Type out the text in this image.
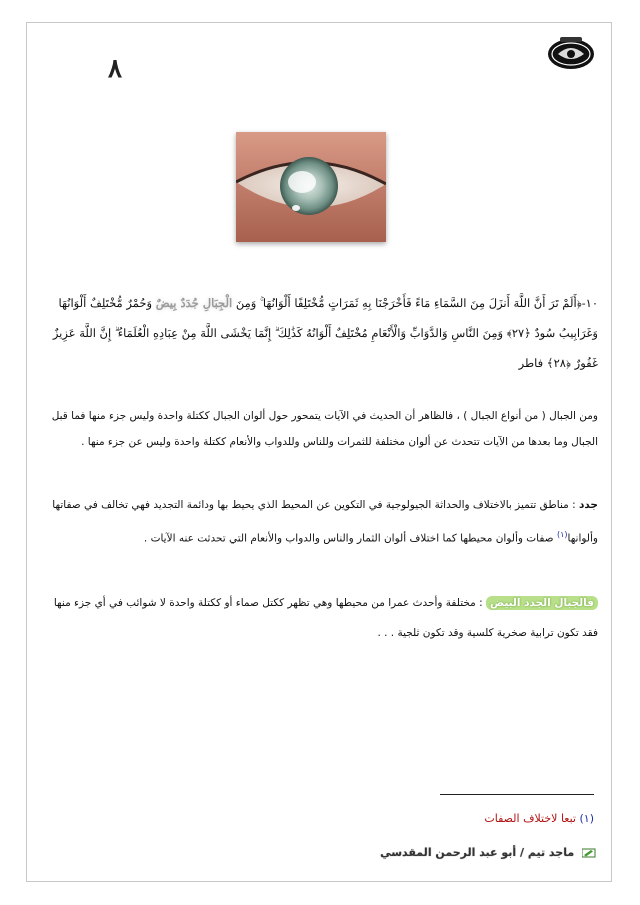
٨
١٠-﴿أَلَمْ تَرَ أَنَّ اللَّهَ أَنزَلَ مِنَ السَّمَاءِ مَاءً فَأَخْرَجْنَا بِهِ ثَمَرَاتٍ مُّخْتَلِفًا أَلْوَانُهَا ۚ وَمِنَ الْجِبَالِ جُدَدٌ بِيضٌ وَحُمْرٌ مُّخْتَلِفٌ أَلْوَانُهَا وَغَرَابِيبُ سُودٌ ﴿٢٧﴾ وَمِنَ النَّاسِ وَالدَّوَابِّ وَالْأَنْعَامِ مُخْتَلِفٌ أَلْوَانُهُ كَذَٰلِكَ ۗ إِنَّمَا يَخْشَى اللَّهَ مِنْ عِبَادِهِ الْعُلَمَاءُ ۗ إِنَّ اللَّهَ عَزِيزٌ غَفُورٌ ﴿٢٨﴾ فاطر

ومن الجبال ( من أنواع الجبال ) ، فالظاهر أن الحديث في الآيات يتمحور حول ألوان الجبال ككتلة واحدة وليس جزء منها فما قبل الجبال وما بعدها من الآيات تتحدث عن ألوان مختلفة للثمرات وللناس وللدواب والأنعام ككتلة واحدة وليس عن جزء منها .

جدد : مناطق تتميز بالاختلاف والحداثة الجيولوجية في التكوين عن المحيط الذي يحيط بها ودائمة التجديد فهي تخالف في صفاتها وألوانها$^{(١)}$ صفات وألوان محيطها كما اختلاف ألوان الثمار والناس والدواب والأنعام التي تحدثت عنه الآيات .

فالجبال الجدد البيض : مختلفة وأحدث عمرا من محيطها وهي تظهر ككتل صماء أو ككتلة واحدة لا شوائب في أي جزء منها فقد تكون ترابية صخرية كلسية وقد تكون ثلجية . . .

(١) تبعا لاختلاف الصفات
ماجد تيم / أبو عبد الرحمن المقدسي
